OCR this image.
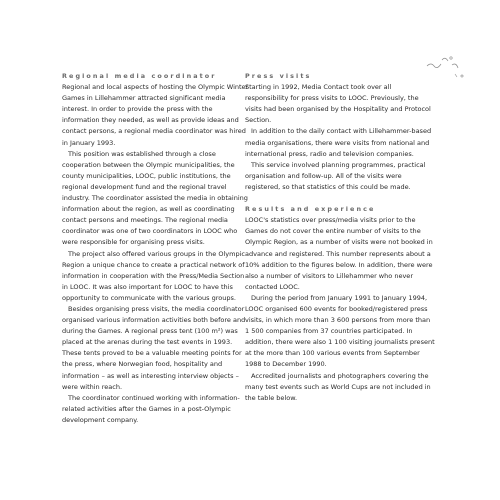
Regional media coordinator

Regional and local aspects of hosting the Olympic Winter Games in Lillehammer attracted significant media interest. In order to provide the press with the information they needed, as well as provide ideas and contact persons, a regional media coordinator was hired in January 1993.

This position was established through a close cooperation between the Olympic municipalities, the county municipalities, LOOC, public institutions, the regional development fund and the regional travel industry. The coordinator assisted the media in obtaining information about the region, as well as coordinating contact persons and meetings. The regional media coordinator was one of two coordinators in LOOC who were responsible for organising press visits.

The project also offered various groups in the Olympic Region a unique chance to create a practical network of information in cooperation with the Press/Media Section in LOOC. It was also important for LOOC to have this opportunity to communicate with the various groups.

Besides organising press visits, the media coordinator organised various information activities both before and during the Games. A regional press tent (100 m²) was placed at the arenas during the test events in 1993. These tents proved to be a valuable meeting points for the press, where Norwegian food, hospitality and information – as well as interesting interview objects – were within reach.

The coordinator continued working with information-related activities after the Games in a post-Olympic development company.

Press visits

Starting in 1992, Media Contact took over all responsibility for press visits to LOOC. Previously, the visits had been organised by the Hospitality and Protocol Section.

In addition to the daily contact with Lillehammer-based media organisations, there were visits from national and international press, radio and television companies.

This service involved planning programmes, practical organisation and follow-up. All of the visits were registered, so that statistics of this could be made.

Results and experience

LOOC's statistics over press/media visits prior to the Games do not cover the entire number of visits to the Olympic Region, as a number of visits were not booked in advance and registered. This number represents about a 10% addition to the figures below. In addition, there were also a number of visitors to Lillehammer who never contacted LOOC.

During the period from January 1991 to January 1994, LOOC organised 600 events for booked/registered press visits, in which more than 3 600 persons from more than 1 500 companies from 37 countries participated. In addition, there were also 1 100 visiting journalists present at the more than 100 various events from September 1988 to December 1990.

Accredited journalists and photographers covering the many test events such as World Cups are not included in the table below.
